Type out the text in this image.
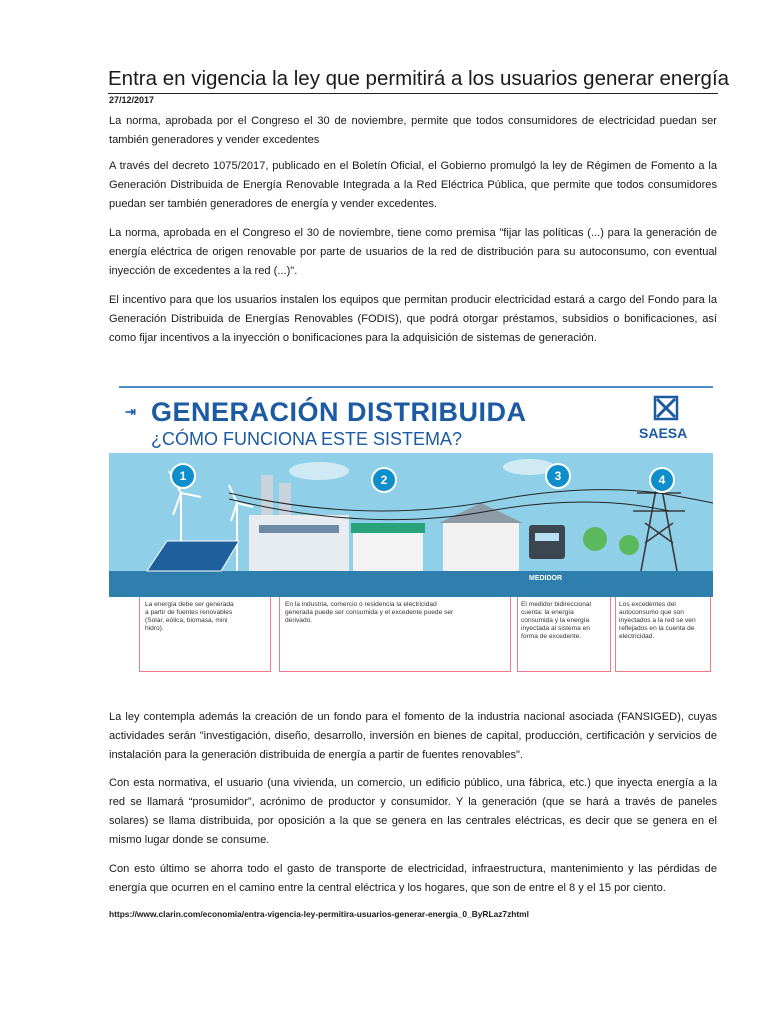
Entra en vigencia la ley que permitirá a los usuarios generar energía
27/12/2017

La norma, aprobada por el Congreso el 30 de noviembre, permite que todos consumidores de electricidad puedan ser también generadores y vender excedentes

A través del decreto 1075/2017, publicado en el Boletín Oficial, el Gobierno promulgó la ley de Régimen de Fomento a la Generación Distribuida de Energía Renovable Integrada a la Red Eléctrica Pública, que permite que todos consumidores puedan ser también generadores de energía y vender excedentes.

La norma, aprobada en el Congreso el 30 de noviembre, tiene como premisa "fijar las políticas (...) para la generación de energía eléctrica de origen renovable por parte de usuarios de la red de distribución para su autoconsumo, con eventual inyección de excedentes a la red (...)".

El incentivo para que los usuarios instalen los equipos que permitan producir electricidad estará a cargo del Fondo para la Generación Distribuida de Energías Renovables (FODIS), que podrá otorgar préstamos, subsidios o bonificaciones, así como fijar incentivos a la inyección o bonificaciones para la adquisición de sistemas de generación.

⇥ GENERACIÓN DISTRIBUIDA
¿CÓMO FUNCIONA ESTE SISTEMA?	SAESA
1	2	3	4
MEDIDOR
La energía debe ser generada a partir de fuentes renovables (Solar, eólica, biomasa, mini hidro).
En la industria, comercio o residencia la electricidad generada puede ser consumida y el excedente puede ser derivado.
El medidor bidireccional cuenta: la energía consumida y la energía inyectada al sistema en forma de excedente.
Los excedentes del autoconsumo que son inyectados a la red se ven reflejados en la cuenta de electricidad.

La ley contempla además la creación de un fondo para el fomento de la industria nacional asociada (FANSIGED), cuyas actividades serán "investigación, diseño, desarrollo, inversión en bienes de capital, producción, certificación y servicios de instalación para la generación distribuida de energía a partir de fuentes renovables".

Con esta normativa, el usuario (una vivienda, un comercio, un edificio público, una fábrica, etc.) que inyecta energía a la red se llamará “prosumidor”, acrónimo de productor y consumidor. Y la generación (que se hará a través de paneles solares) se llama distribuida, por oposición a la que se genera en las centrales eléctricas, es decir que se genera en el mismo lugar donde se consume.

Con esto último se ahorra todo el gasto de transporte de electricidad, infraestructura, mantenimiento y las pérdidas de energía que ocurren en el camino entre la central eléctrica y los hogares, que son de entre el 8 y el 15 por ciento.

https://www.clarin.com/economia/entra-vigencia-ley-permitira-usuarios-generar-energia_0_ByRLaz7zhtml
